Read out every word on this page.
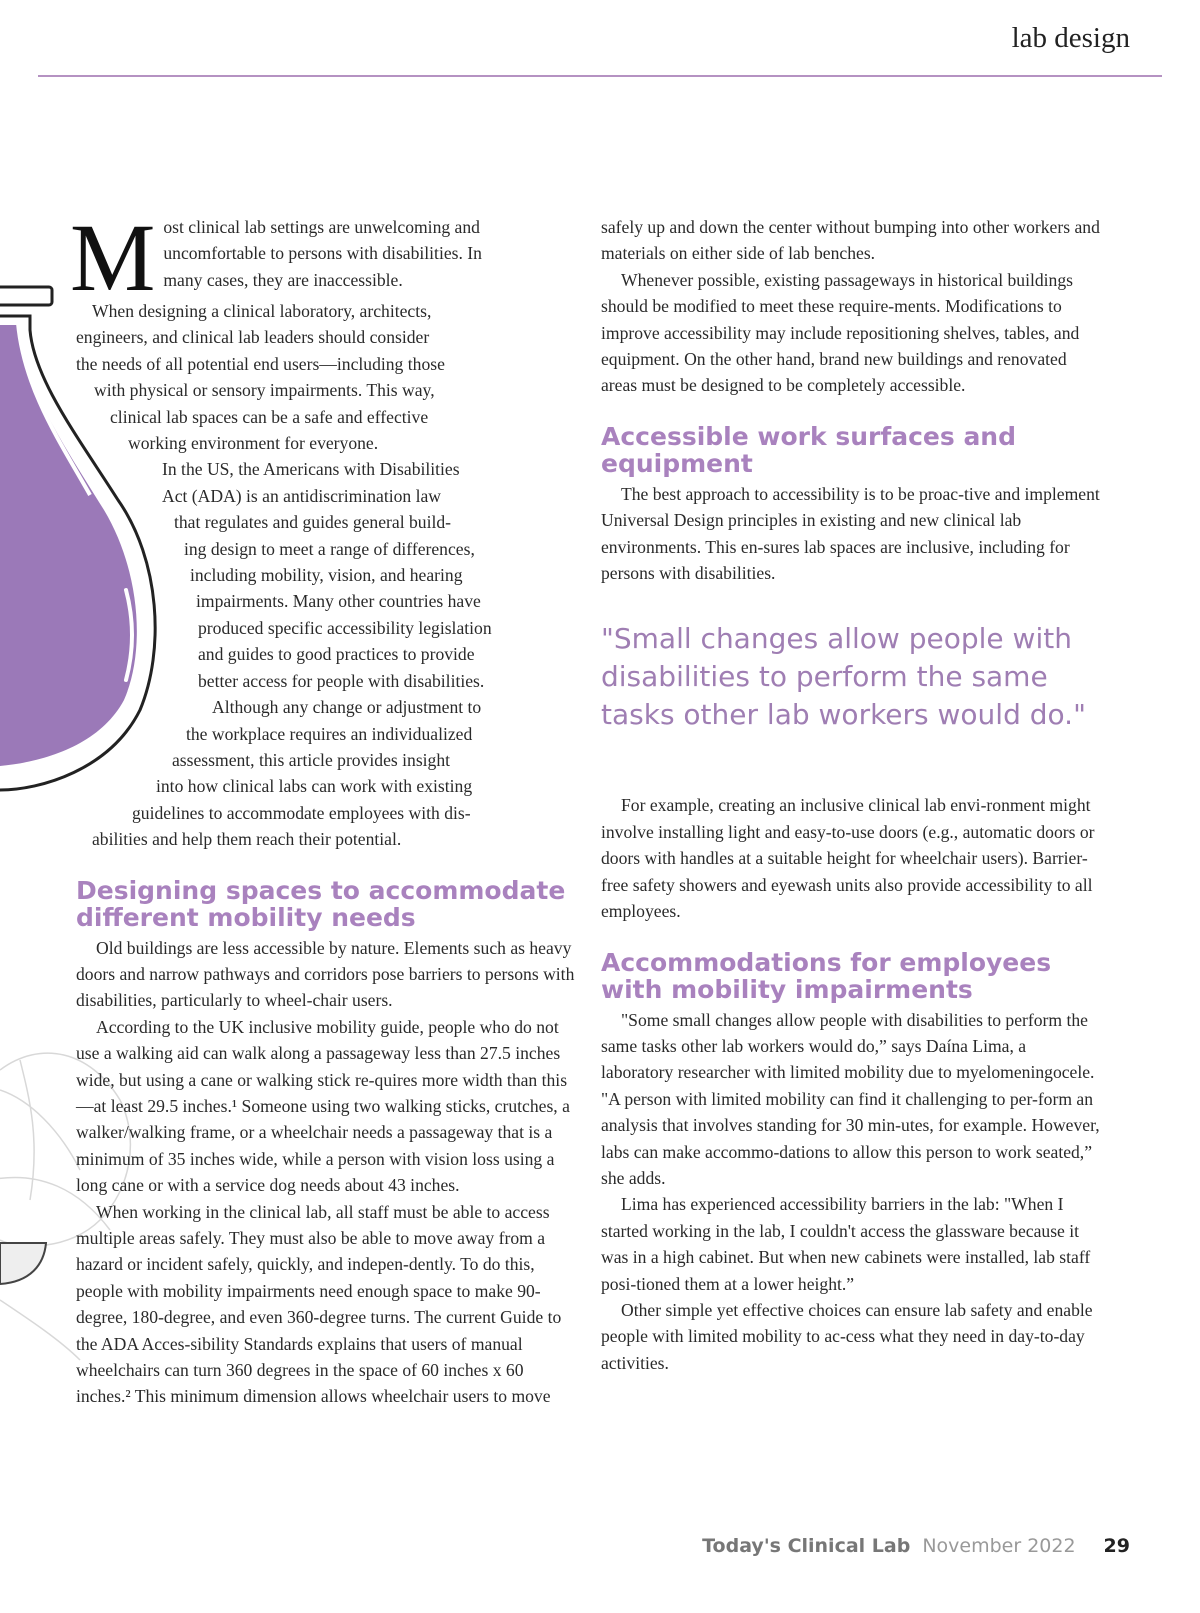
lab design
M ost clinical lab settings are unwelcoming and
uncomfortable to persons with disabilities. In
many cases, they are inaccessible.
When designing a clinical laboratory, architects,
engineers, and clinical lab leaders should consider
the needs of all potential end users—including those
with physical or sensory impairments. This way,
clinical lab spaces can be a safe and effective
working environment for everyone.
In the US, the Americans with Disabilities
Act (ADA) is an antidiscrimination law
that regulates and guides general build-
ing design to meet a range of differences,
including mobility, vision, and hearing
impairments. Many other countries have
produced specific accessibility legislation
and guides to good practices to provide
better access for people with disabilities.
Although any change or adjustment to
the workplace requires an individualized
assessment, this article provides insight
into how clinical labs can work with existing
guidelines to accommodate employees with dis-
abilities and help them reach their potential.
Designing spaces to accommodate different mobility needs

Old buildings are less accessible by nature. Elements such as heavy doors and narrow pathways and corridors pose barriers to persons with disabilities, particularly to wheel-chair users.

According to the UK inclusive mobility guide, people who do not use a walking aid can walk along a passageway less than 27.5 inches wide, but using a cane or walking stick re-quires more width than this—at least 29.5 inches.¹ Someone using two walking sticks, crutches, a walker/walking frame, or a wheelchair needs a passageway that is a minimum of 35 inches wide, while a person with vision loss using a long cane or with a service dog needs about 43 inches.

When working in the clinical lab, all staff must be able to access multiple areas safely. They must also be able to move away from a hazard or incident safely, quickly, and indepen-dently. To do this, people with mobility impairments need enough space to make 90-degree, 180-degree, and even 360-degree turns. The current Guide to the ADA Acces-sibility Standards explains that users of manual wheelchairs can turn 360 degrees in the space of 60 inches x 60 inches.² This minimum dimension allows wheelchair users to move

safely up and down the center without bumping into other workers and materials on either side of lab benches.

Whenever possible, existing passageways in historical buildings should be modified to meet these require-ments. Modifications to improve accessibility may include repositioning shelves, tables, and equipment. On the other hand, brand new buildings and renovated areas must be designed to be completely accessible.

Accessible work surfaces and equipment

The best approach to accessibility is to be proac-tive and implement Universal Design principles in existing and new clinical lab environments. This en-sures lab spaces are inclusive, including for persons with disabilities.

"Small changes allow people with disabilities to perform the same tasks other lab workers would do."

For example, creating an inclusive clinical lab envi-ronment might involve installing light and easy-to-use doors (e.g., automatic doors or doors with handles at a suitable height for wheelchair users). Barrier-free safety showers and eyewash units also provide accessibility to all employees.

Accommodations for employees with mobility impairments

"Some small changes allow people with disabilities to perform the same tasks other lab workers would do,” says Daína Lima, a laboratory researcher with limited mobility due to myelomeningocele. "A person with limited mobility can find it challenging to per-form an analysis that involves standing for 30 min-utes, for example. However, labs can make accommo-dations to allow this person to work seated,” she adds.

Lima has experienced accessibility barriers in the lab: "When I started working in the lab, I couldn't access the glassware because it was in a high cabinet. But when new cabinets were installed, lab staff posi-tioned them at a lower height.”

Other simple yet effective choices can ensure lab safety and enable people with limited mobility to ac-cess what they need in day-to-day activities.

Today's Clinical Lab November 2022 29
